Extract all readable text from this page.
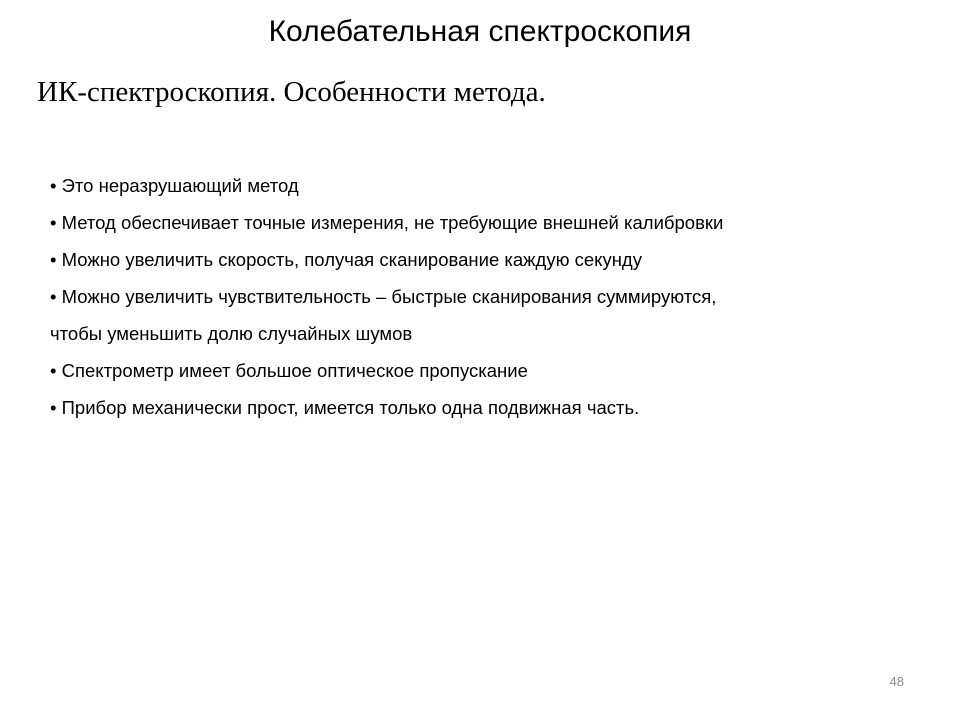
Колебательная спектроскопия
ИК-спектроскопия. Особенности метода.
• Это неразрушающий метод
• Метод обеспечивает точные измерения, не требующие внешней калибровки
• Можно увеличить скорость, получая сканирование каждую секунду
• Можно увеличить чувствительность – быстрые сканирования суммируются,
чтобы уменьшить долю случайных шумов
• Спектрометр имеет большое оптическое пропускание
• Прибор механически прост, имеется только одна подвижная часть.
48
